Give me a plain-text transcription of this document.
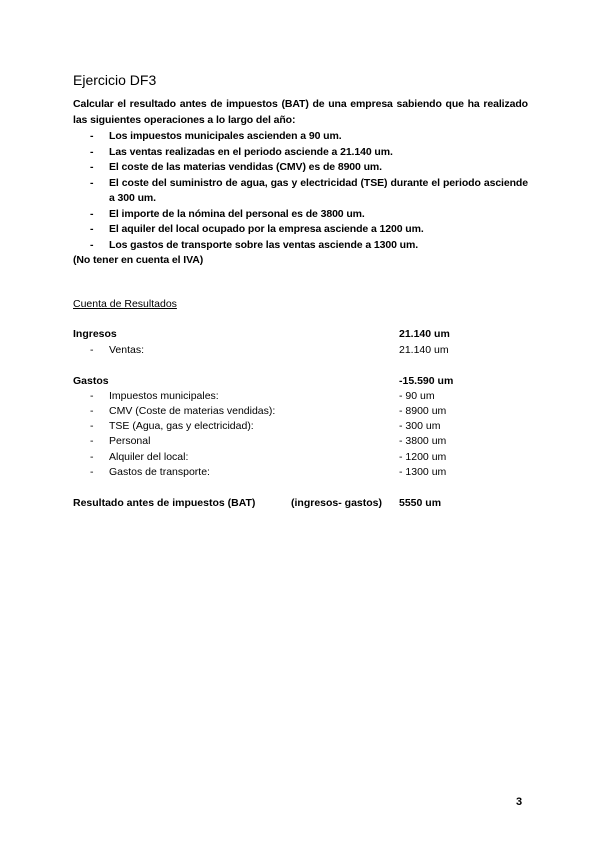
Ejercicio DF3

Calcular el resultado antes de impuestos (BAT) de una empresa sabiendo que ha realizado las siguientes operaciones a lo largo del año:

- Los impuestos municipales ascienden a 90 um.
- Las ventas realizadas en el periodo asciende a 21.140 um.
- El coste de las materias vendidas (CMV) es de 8900 um.
- El coste del suministro de agua, gas y electricidad (TSE) durante el periodo asciende a 300 um.
- El importe de la nómina del personal es de 3800 um.
- El aquiler del local ocupado por la empresa asciende a 1200 um.
- Los gastos de transporte sobre las ventas asciende a 1300 um.

(No tener en cuenta el IVA)

Cuenta de Resultados
Ingresos	21.140 um
- Ventas:	21.140 um
Gastos	-15.590 um
- Impuestos municipales:	- 90 um
- CMV (Coste de materias vendidas):	- 8900 um
- TSE (Agua, gas y electricidad):	- 300 um
- Personal	- 3800 um
- Alquiler del local:	- 1200 um
- Gastos de transporte:	- 1300 um
Resultado antes de impuestos (BAT)	(ingresos- gastos) 5550 um
3
